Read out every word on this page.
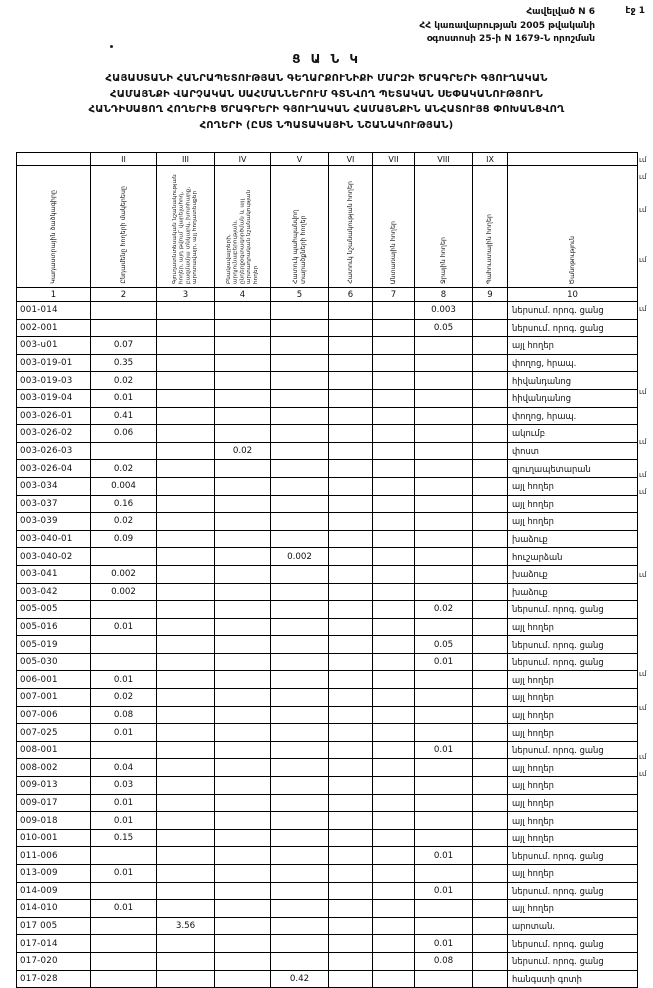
Հավելված N 6
ՀՀ կառավարության 2005 թվականի
օգոստոսի 25-ի N 1679-Ն որոշման
էջ 1
Ց Ա Ն Կ
ՀԱՅԱՍՏԱՆԻ ՀԱՆՐԱՊԵՏՈՒԹՅԱՆ ԳԵՂԱՐՔՈՒՆԻՔԻ ՄԱՐԶԻ ԾՐԱԳՐԵՐԻ ԳՅՈՒՂԱԿԱՆ
ՀԱՄԱՅՆՔԻ ՎԱՐՉԱԿԱՆ ՍԱՀՄԱՆՆԵՐՈՒՄ ԳՏՆՎՈՂ ՊԵՏԱԿԱՆ ՍԵՓԱԿԱՆՈՒԹՅՈՒՆ
ՀԱՆԴԻՍԱՑՈՂ ՀՈՂԵՐԻՑ ԾՐԱԳՐԵՐԻ ԳՅՈՒՂԱԿԱՆ ՀԱՄԱՅՆՔԻՆ ԱՆՀԱՏՈՒՅՑ ՓՈԽԱՆՑՎՈՂ
ՀՈՂԵՐԻ (ԸՍՏ ՆՊԱՏԱԿԱՅԻՆ ՆՇԱՆԱԿՈՒԹՅԱՆ)
	II	III	IV	V	VI	VII	VIII	IX	

Կադաստրային ծածկագիրը	Ընդամենը հողերի մակերեսը	Գյուղատնտեսական նշանակության հողեր, այդ թվում՝ վարելահող, բազմամյա տնկարկ, խոտհարք, արոտավայր, այլ հողատեսքեր	Բնակավայրերի, արդյունաբերության, ընդերքօգտագործման և այլ արտադրական նշանակության հողեր	Հատուկ պահպանվող տարածքների հողեր	Հատուկ նշանակության հողեր	Անտառային հողեր	Ջրային հողեր	Պահուստային հողեր	Ծանոթություն

1	2	3	4	5	6	7	8	9	10
001-014							0.003		ներսում. որոգ. ցանց
002-001							0.05		ներսում. որոգ. ցանց
003-u01	0.07								այլ հողեր
003-019-01	0.35								փողոց, հրապ.
003-019-03	0.02								հիվանդանոց
003-019-04	0.01								հիվանդանոց
003-026-01	0.41								փողոց, հրապ.
003-026-02	0.06								ակումբ
003-026-03			0.02						փոստ
003-026-04	0.02								գյուղապետարան
003-034	0.004								այլ հողեր
003-037	0.16								այլ հողեր
003-039	0.02								այլ հողեր
003-040-01	0.09								խաձուք
003-040-02				0.002					հուշարձան
003-041	0.002								խաձուք
003-042	0.002								խաձուք
005-005							0.02		ներսում. որոգ. ցանց
005-016	0.01								այլ հողեր
005-019							0.05		ներսում. որոգ. ցանց
005-030							0.01		ներսում. որոգ. ցանց
006-001	0.01								այլ հողեր
007-001	0.02								այլ հողեր
007-006	0.08								այլ հողեր
007-025	0.01								այլ հողեր
008-001							0.01		ներսում. որոգ. ցանց
008-002	0.04								այլ հողեր
009-013	0.03								այլ հողեր
009-017	0.01								այլ հողեր
009-018	0.01								այլ հողեր
010-001	0.15								այլ հողեր
011-006							0.01		ներսում. որոգ. ցանց
013-009	0.01								այլ հողեր
014-009							0.01		ներսում. որոգ. ցանց
014-010	0.01								այլ հողեր
017 005		3.56							արոտան.
017-014							0.01		ներսում. որոգ. ցանց
017-020							0.08		ներսում. որոգ. ցանց
017-028				0.42					հանգստի գոտի
ւմ
ւմ
ւմ
ւմ
ւմ
ւմ
ւմ
ւմ
ւմ
ւմ
ւմ
ւմ
ւմ
ւմ
